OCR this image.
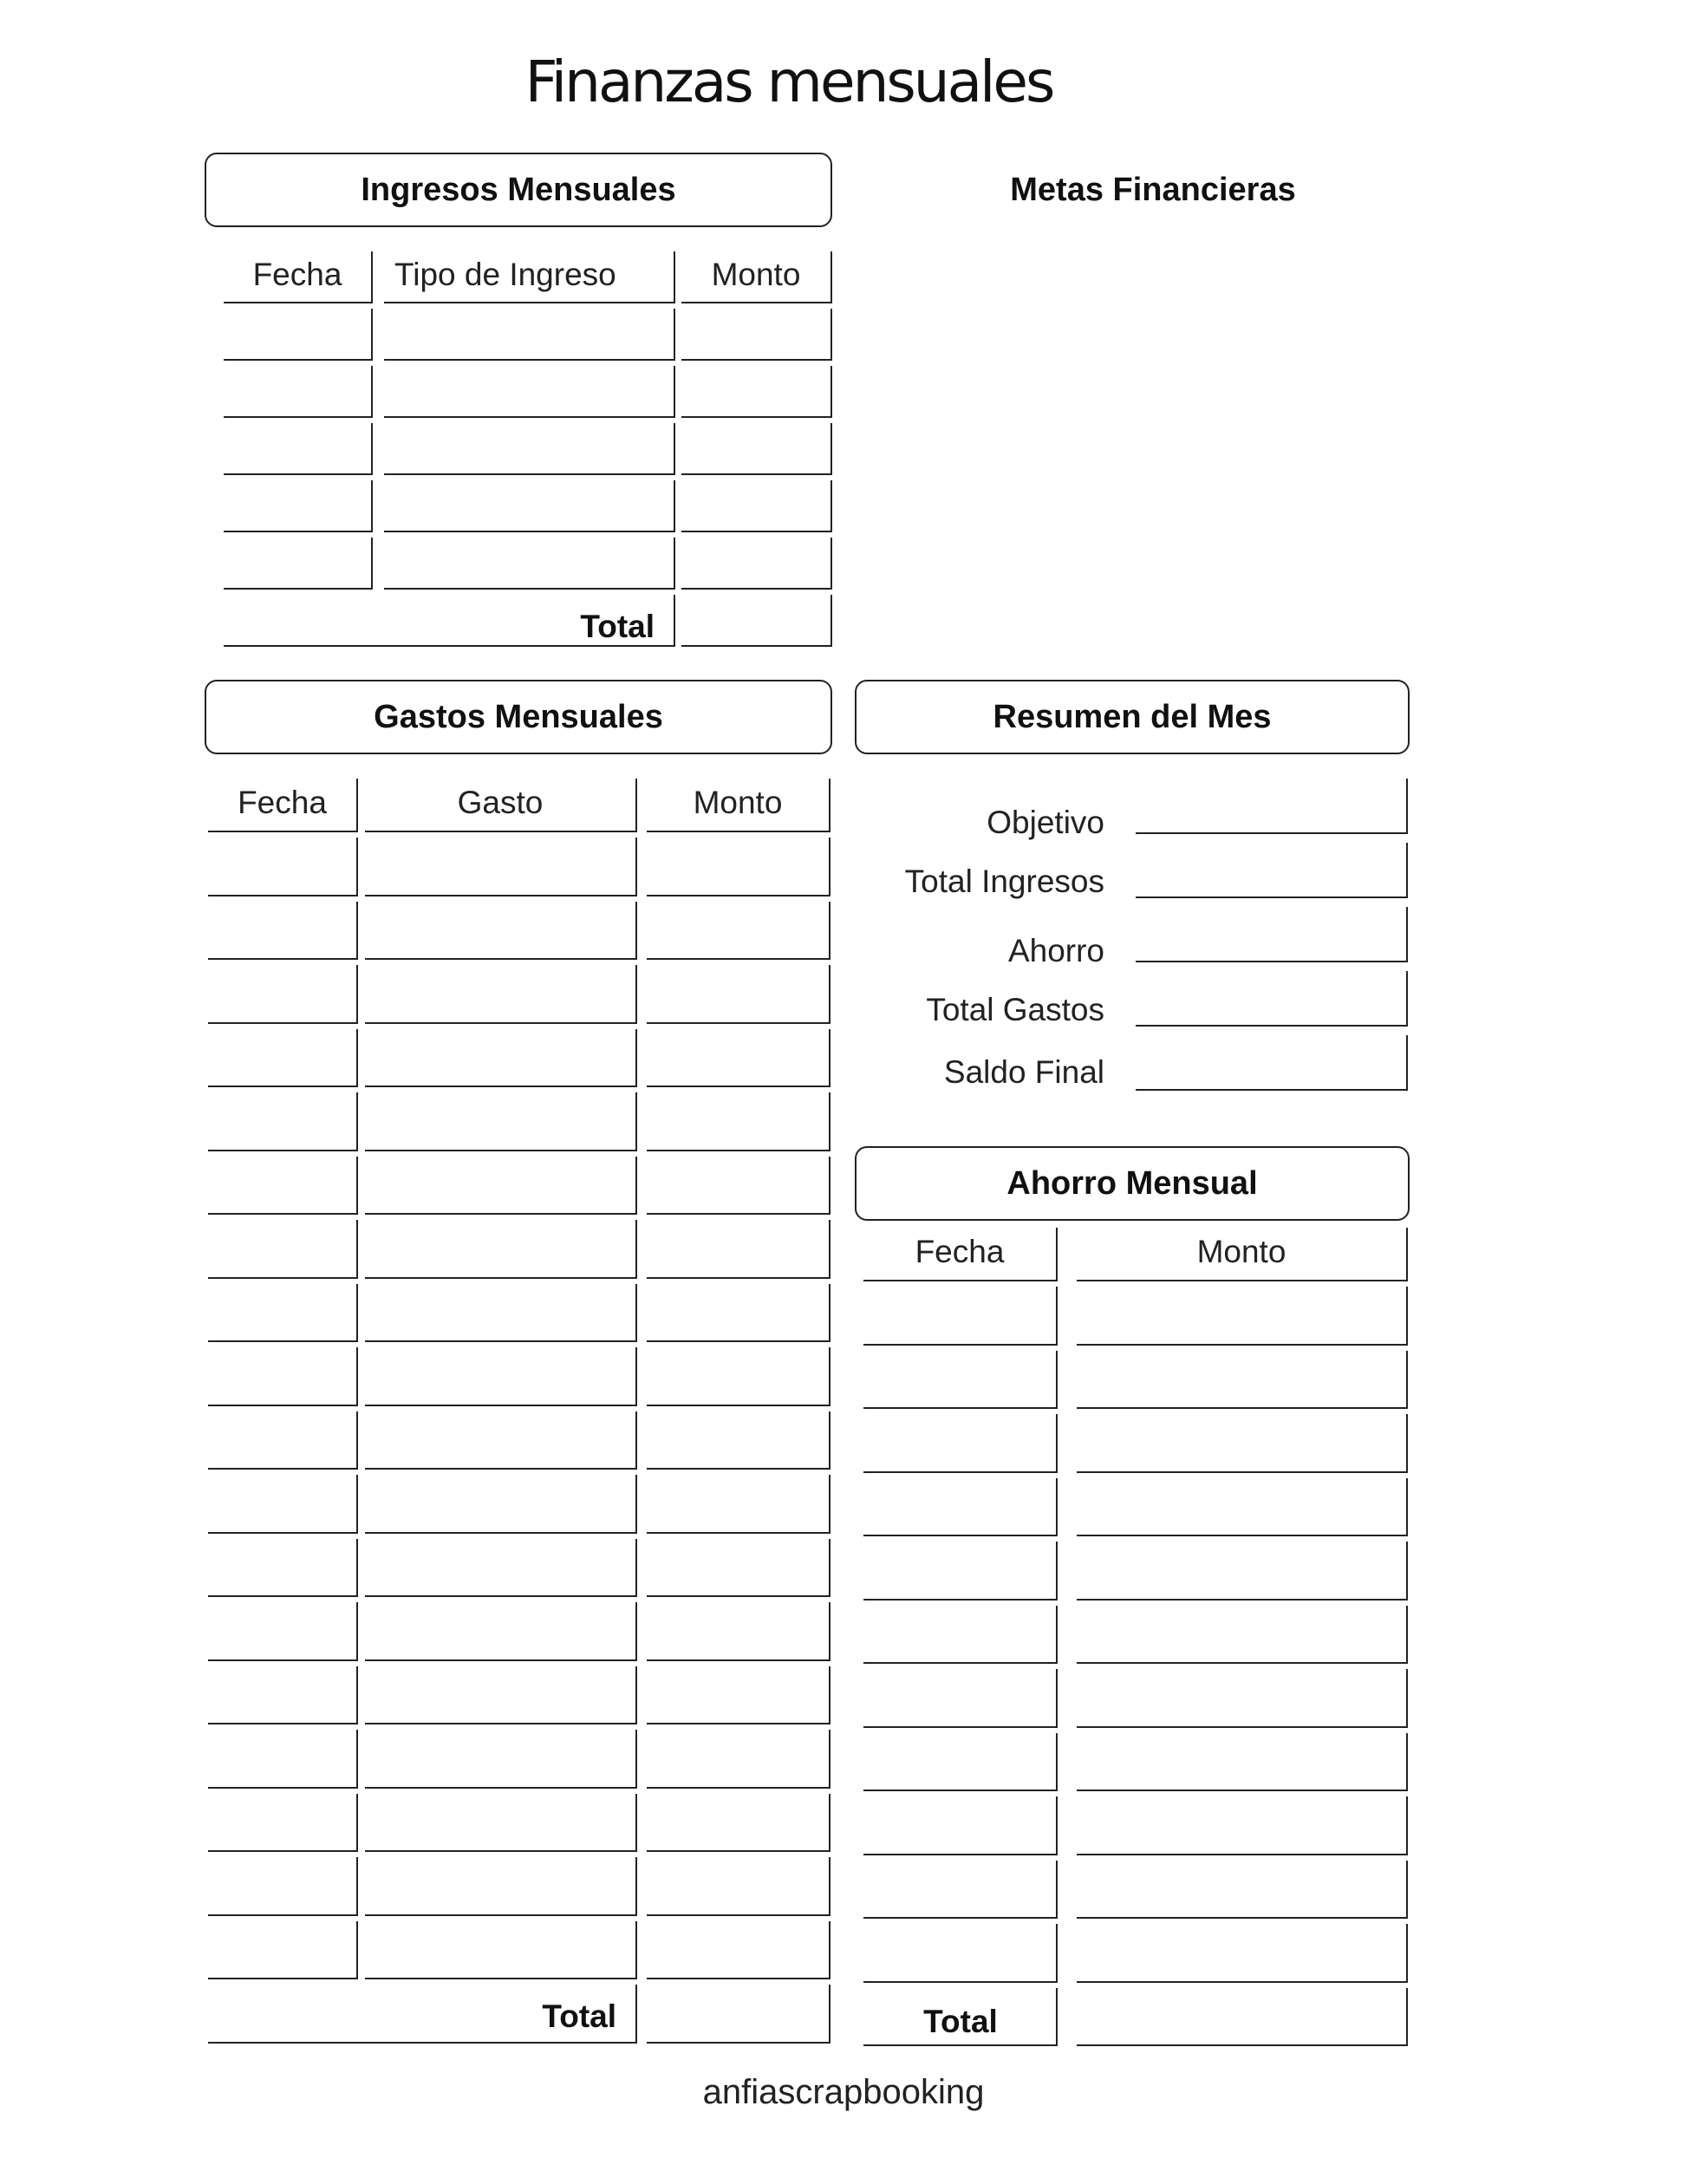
Finanzas mensuales
Ingresos Mensuales
Fecha	Tipo de Ingreso	Monto
Total
Metas Financieras
Gastos Mensuales
Fecha	Gasto	Monto
Total
Resumen del Mes
Objetivo
Total Ingresos
Ahorro
Total Gastos
Saldo Final
Ahorro Mensual
Fecha	Monto
Total
anfiascrapbooking
